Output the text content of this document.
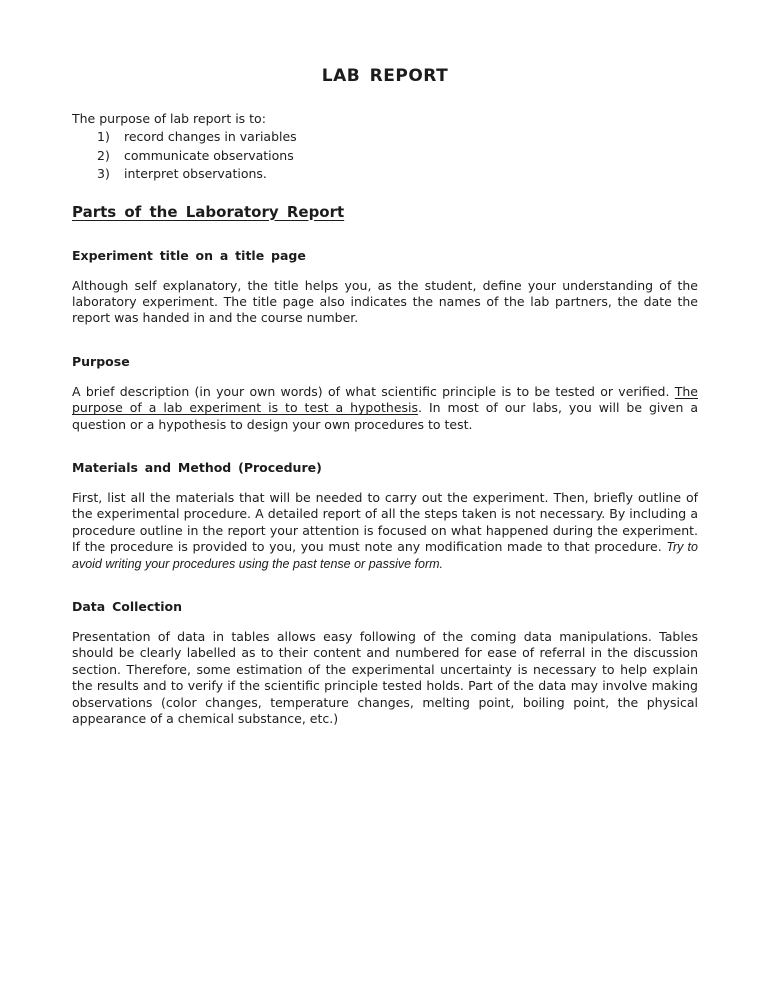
LAB REPORT

The purpose of lab report is to:

1)	record changes in variables
2)	communicate observations
3)	interpret observations.
Parts of the Laboratory Report
Experiment title on a title page

Although self explanatory, the title helps you, as the student, define your understanding of the laboratory experiment. The title page also indicates the names of the lab partners, the date the report was handed in and the course number.

Purpose

A brief description (in your own words) of what scientific principle is to be tested or verified. The purpose of a lab experiment is to test a hypothesis. In most of our labs, you will be given a question or a hypothesis to design your own procedures to test.

Materials and Method (Procedure)

First, list all the materials that will be needed to carry out the experiment. Then, briefly outline of the experimental procedure. A detailed report of all the steps taken is not necessary. By including a procedure outline in the report your attention is focused on what happened during the experiment. If the procedure is provided to you, you must note any modification made to that procedure. Try to avoid writing your procedures using the past tense or passive form.

Data Collection

Presentation of data in tables allows easy following of the coming data manipulations. Tables should be clearly labelled as to their content and numbered for ease of referral in the discussion section. Therefore, some estimation of the experimental uncertainty is necessary to help explain the results and to verify if the scientific principle tested holds. Part of the data may involve making observations (color changes, temperature changes, melting point, boiling point, the physical appearance of a chemical substance, etc.)
